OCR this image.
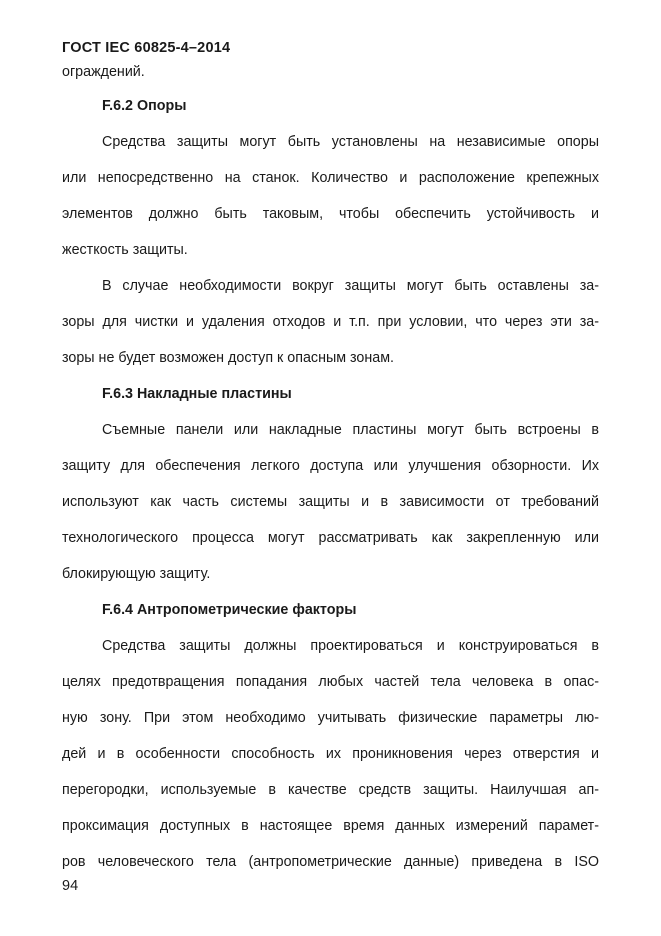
ГОСТ IEC 60825-4–2014
ограждений.
F.6.2 Опоры
Средства защиты могут быть установлены на независимые опоры
или непосредственно на станок. Количество и расположение крепежных
элементов должно быть таковым, чтобы обеспечить устойчивость и
жесткость защиты.
В случае необходимости вокруг защиты могут быть оставлены за-
зоры для чистки и удаления отходов и т.п. при условии, что через эти за-
зоры не будет возможен доступ к опасным зонам.
F.6.3 Накладные пластины
Съемные панели или накладные пластины могут быть встроены в
защиту для обеспечения легкого доступа или улучшения обзорности. Их
используют как часть системы защиты и в зависимости от требований
технологического процесса могут рассматривать как закрепленную или
блокирующую защиту.
F.6.4 Антропометрические факторы
Средства защиты должны проектироваться и конструироваться в
целях предотвращения попадания любых частей тела человека в опас-
ную зону. При этом необходимо учитывать физические параметры лю-
дей и в особенности способность их проникновения через отверстия и
перегородки, используемые в качестве средств защиты. Наилучшая ап-
проксимация доступных в настоящее время данных измерений парамет-
ров человеческого тела (антропометрические данные) приведена в ISO
94
